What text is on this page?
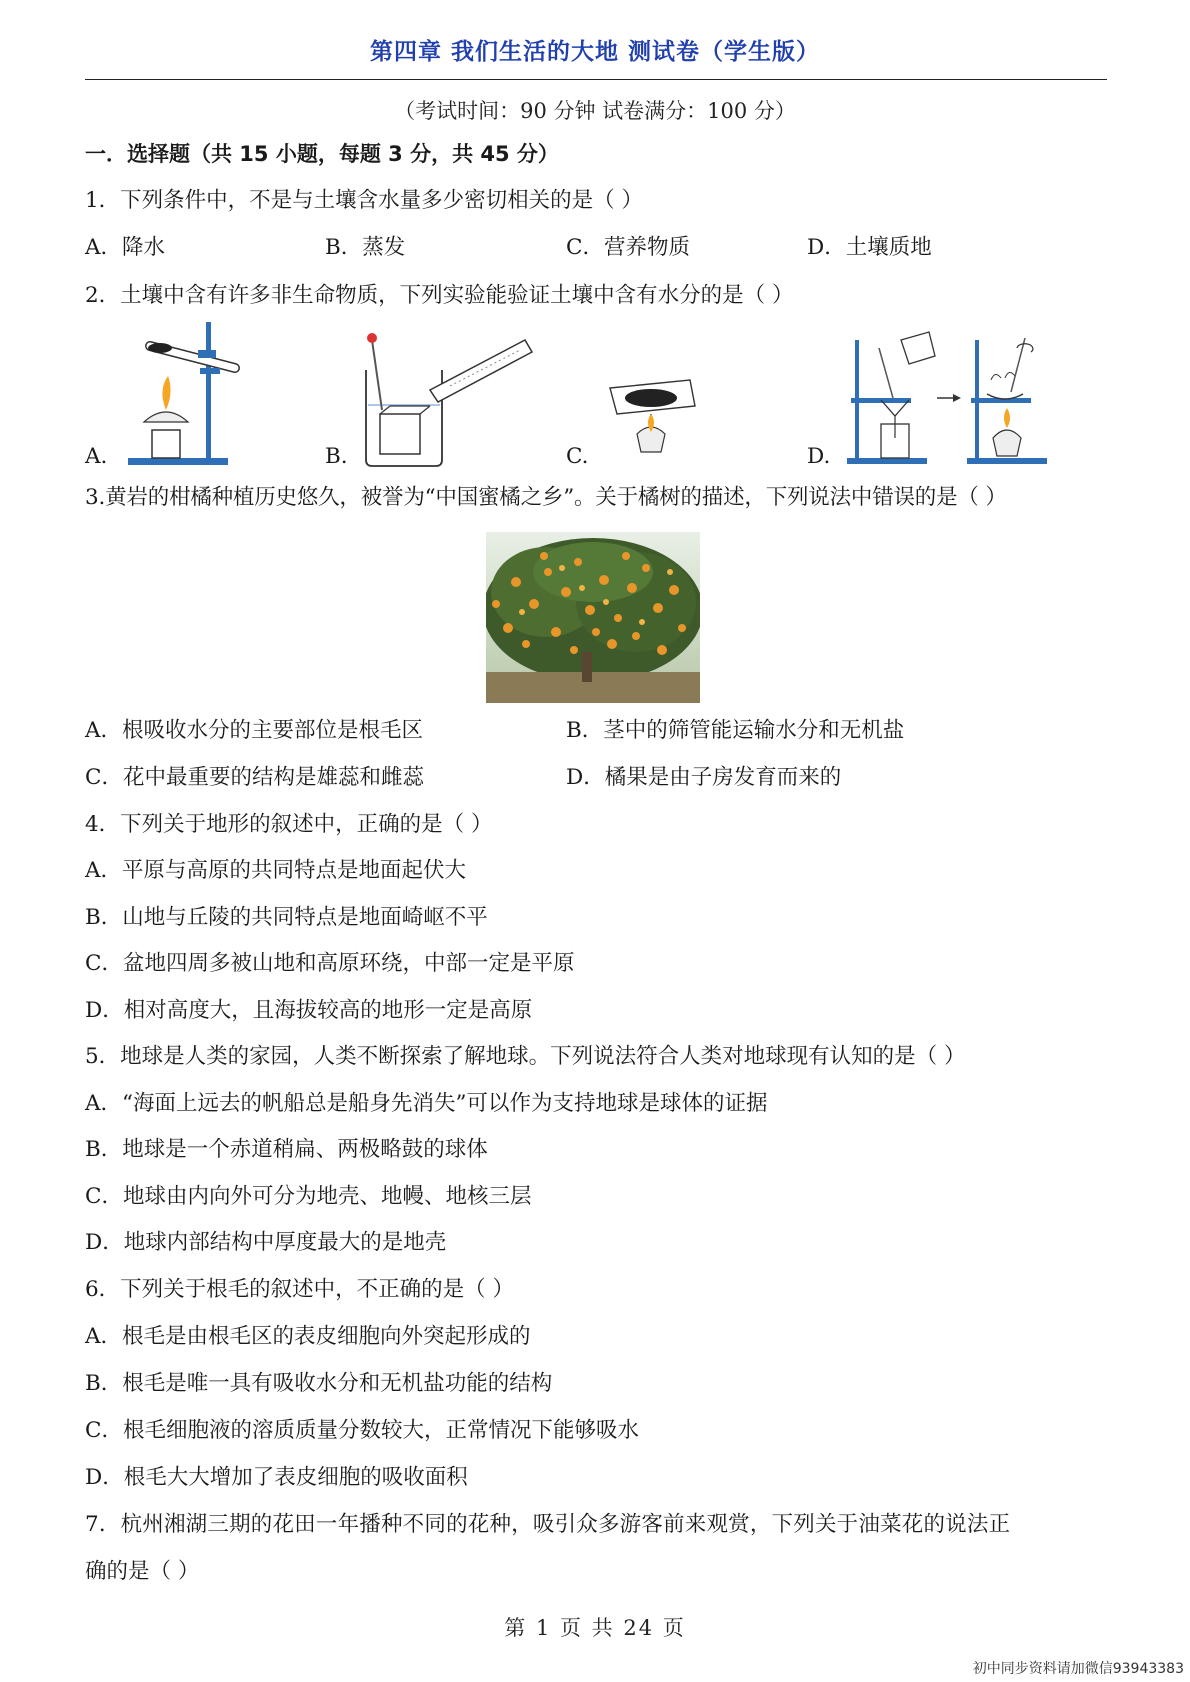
第四章 我们生活的大地 测试卷（学生版）
（考试时间：90 分钟 试卷满分：100 分）
一．选择题（共 15 小题，每题 3 分，共 45 分）
1．下列条件中，不是与土壤含水量多少密切相关的是（ ）
A．降水	B．蒸发	C．营养物质	D．土壤质地
2．土壤中含有许多非生命物质，下列实验能验证土壤中含有水分的是（ ）
A.	B.	C.	D.
3.黄岩的柑橘种植历史悠久，被誉为“中国蜜橘之乡”。关于橘树的描述，下列说法中错误的是（ ）
A．根吸收水分的主要部位是根毛区	B．茎中的筛管能运输水分和无机盐
C．花中最重要的结构是雄蕊和雌蕊	D．橘果是由子房发育而来的
4．下列关于地形的叙述中，正确的是（ ）
A．平原与高原的共同特点是地面起伏大
B．山地与丘陵的共同特点是地面崎岖不平
C．盆地四周多被山地和高原环绕，中部一定是平原
D．相对高度大，且海拔较高的地形一定是高原
5．地球是人类的家园，人类不断探索了解地球。下列说法符合人类对地球现有认知的是（ ）
A．“海面上远去的帆船总是船身先消失”可以作为支持地球是球体的证据
B．地球是一个赤道稍扁、两极略鼓的球体
C．地球由内向外可分为地壳、地幔、地核三层
D．地球内部结构中厚度最大的是地壳
6．下列关于根毛的叙述中，不正确的是（ ）
A．根毛是由根毛区的表皮细胞向外突起形成的
B．根毛是唯一具有吸收水分和无机盐功能的结构
C．根毛细胞液的溶质质量分数较大，正常情况下能够吸水
D．根毛大大增加了表皮细胞的吸收面积
7．杭州湘湖三期的花田一年播种不同的花种，吸引众多游客前来观赏，下列关于油菜花的说法正
确的是（ ）
第 1 页 共 24 页
初中同步资料请加微信93943383
